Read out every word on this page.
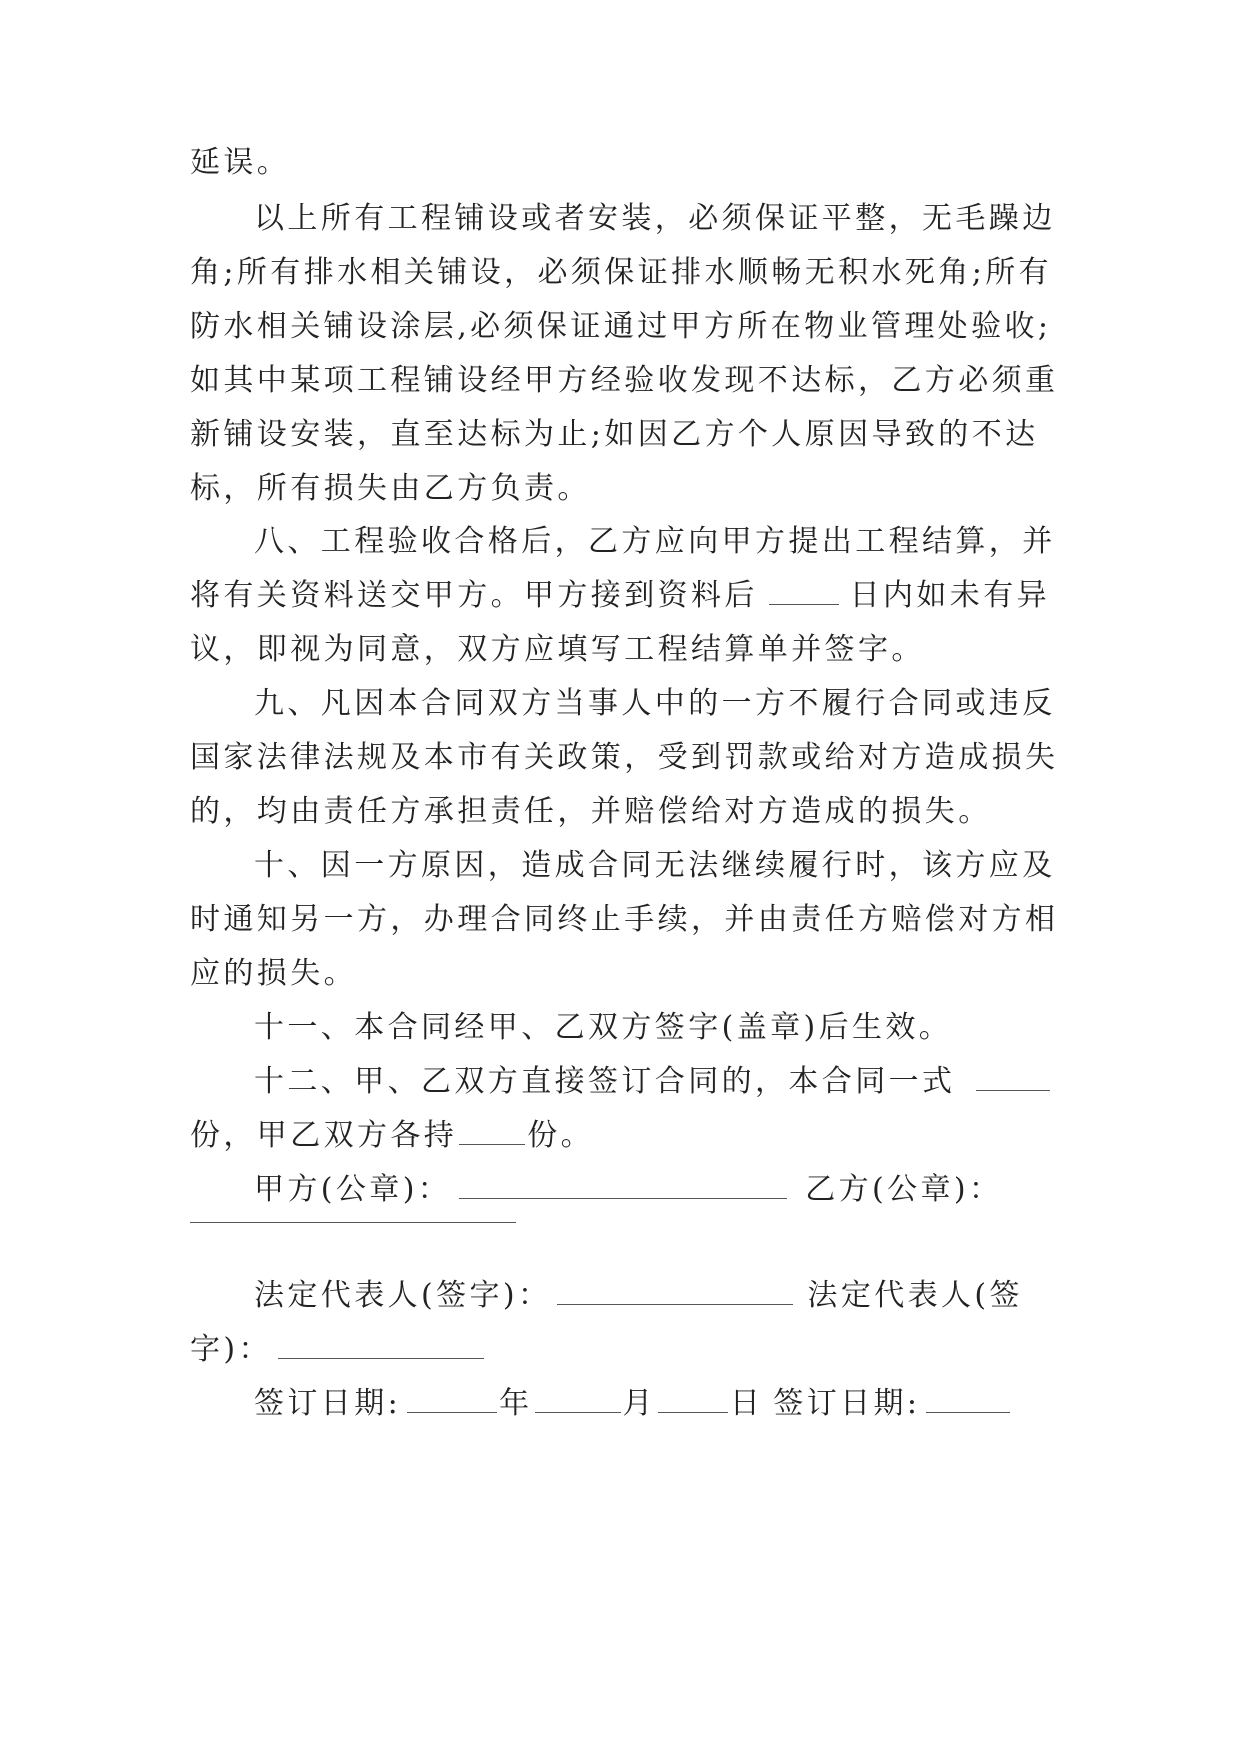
延误。
以上所有工程铺设或者安装，必须保证平整，无毛躁边
角;所有排水相关铺设，必须保证排水顺畅无积水死角;所有
防水相关铺设涂层,必须保证通过甲方所在物业管理处验收;
如其中某项工程铺设经甲方经验收发现不达标，乙方必须重
新铺设安装，直至达标为止;如因乙方个人原因导致的不达
标，所有损失由乙方负责。
八、工程验收合格后，乙方应向甲方提出工程结算，并
将有关资料送交甲方。甲方接到资料后	日内如未有异
议，即视为同意，双方应填写工程结算单并签字。
九、凡因本合同双方当事人中的一方不履行合同或违反
国家法律法规及本市有关政策，受到罚款或给对方造成损失
的，均由责任方承担责任，并赔偿给对方造成的损失。
十、因一方原因，造成合同无法继续履行时，该方应及
时通知另一方，办理合同终止手续，并由责任方赔偿对方相
应的损失。
十一、本合同经甲、乙双方签字(盖章)后生效。
十二、甲、乙双方直接签订合同的，本合同一式
份，甲乙双方各持 份。
甲方(公章)：	乙方(公章)：
法定代表人(签字)：	法定代表人(签
字)：
签订日期:	年	月 日 签订日期:
